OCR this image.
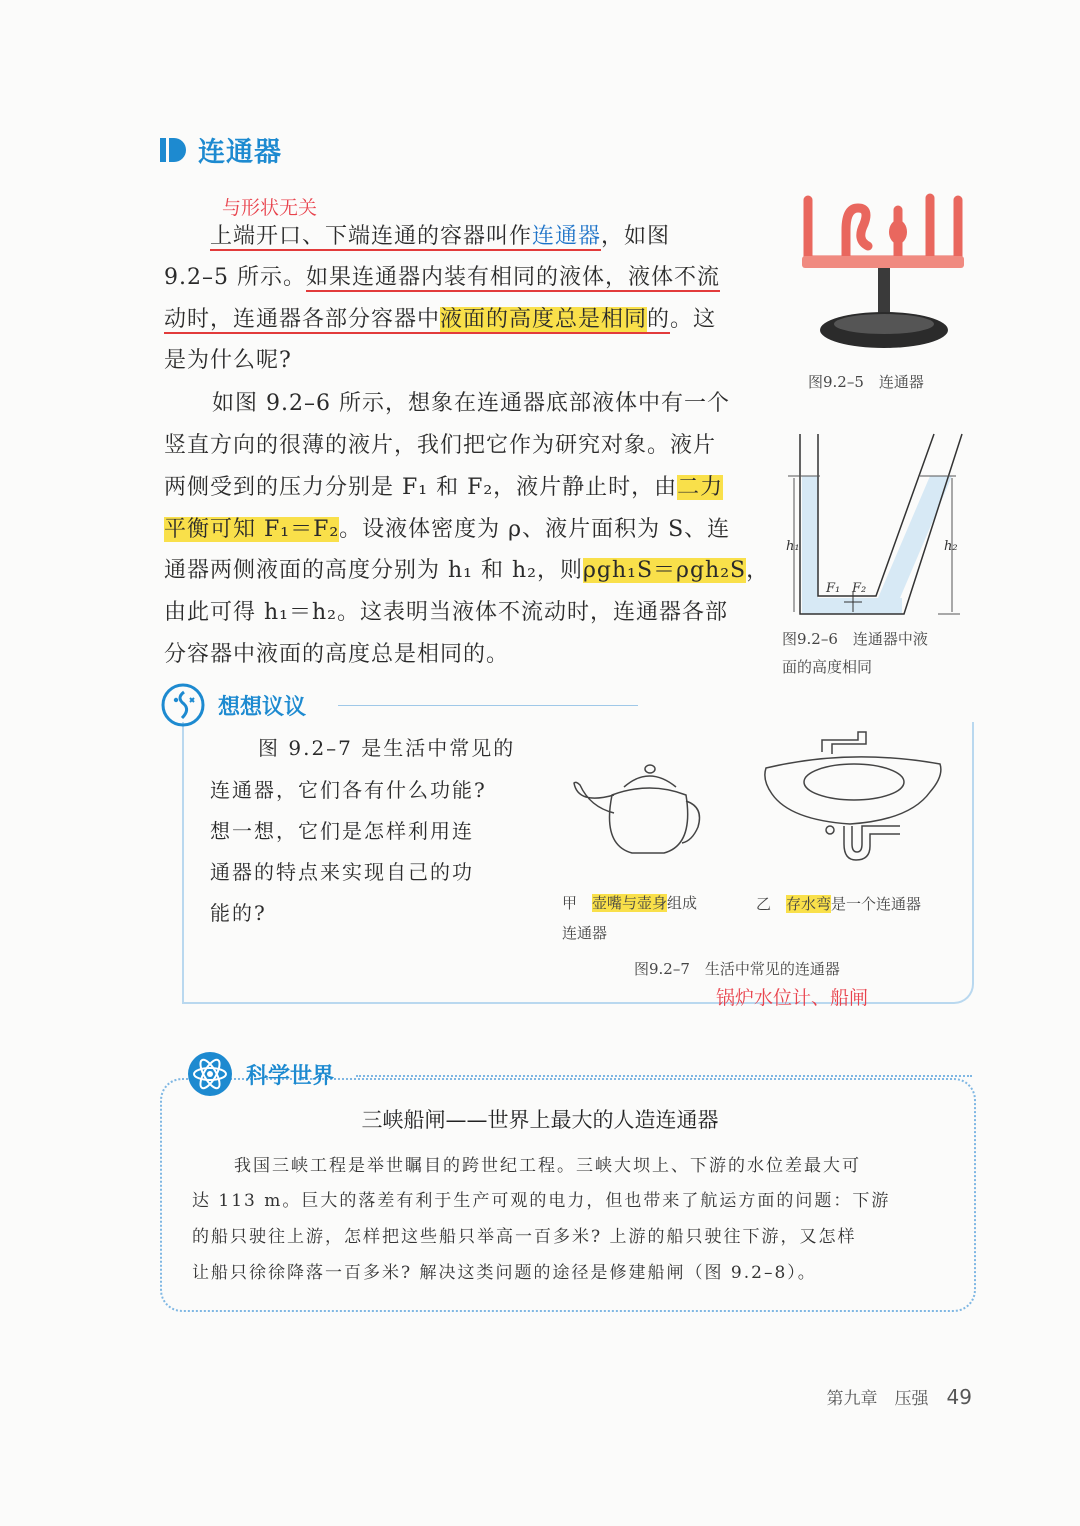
连通器
与形状无关
上端开口、下端连通的容器叫作连通器，如图
9.2–5 所示。如果连通器内装有相同的液体，液体不流
动时，连通器各部分容器中液面的高度总是相同的。这
是为什么呢?
如图 9.2–6 所示，想象在连通器底部液体中有一个
竖直方向的很薄的液片，我们把它作为研究对象。液片
两侧受到的压力分别是 F₁ 和 F₂，液片静止时，由二力
平衡可知 F₁＝F₂。设液体密度为 ρ、液片面积为 S、连
通器两侧液面的高度分别为 h₁ 和 h₂，则ρgh₁S＝ρgh₂S，
由此可得 h₁＝h₂。这表明当液体不流动时，连通器各部
分容器中液面的高度总是相同的。
图9.2–5　连通器
h₁	h₂
F₁ F₂
图9.2–6　连通器中液
面的高度相同
想想议议
图 9.2–7 是生活中常见的
连通器，它们各有什么功能?
想一想，它们是怎样利用连
通器的特点来实现自己的功
能的?	甲　 壶嘴与壶身组成
连通器
乙　 存水弯是一个连通器
图9.2–7　生活中常见的连通器
锅炉水位计、船闸
科学世界
三峡船闸——世界上最大的人造连通器
我国三峡工程是举世瞩目的跨世纪工程。三峡大坝上、下游的水位差最大可
达 113 m。巨大的落差有利于生产可观的电力，但也带来了航运方面的问题：下游
的船只驶往上游，怎样把这些船只举高一百多米? 上游的船只驶往下游，又怎样
让船只徐徐降落一百多米? 解决这类问题的途径是修建船闸（图 9.2–8）。
第九章　压强 49
